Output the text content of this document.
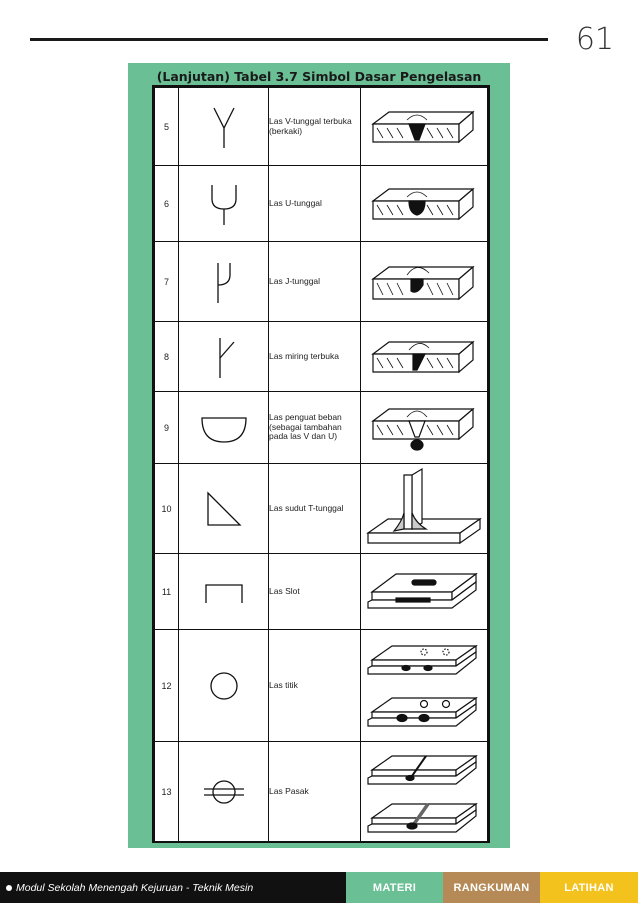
61
(Lanjutan) Tabel 3.7 Simbol Dasar Pengelasan
5		Las V-tunggal terbuka (berkaki)	

6		Las U-tunggal	

7		Las J-tunggal	

8		Las miring terbuka	

9		Las penguat beban (sebagai tambahan pada las V dan U)	

10		Las sudut T-tunggal	

11		Las Slot	

12		Las titik	

13		Las Pasak	
Modul Sekolah Menengah Kejuruan - Teknik Mesin	MATERI	RANGKUMAN	LATIHAN
